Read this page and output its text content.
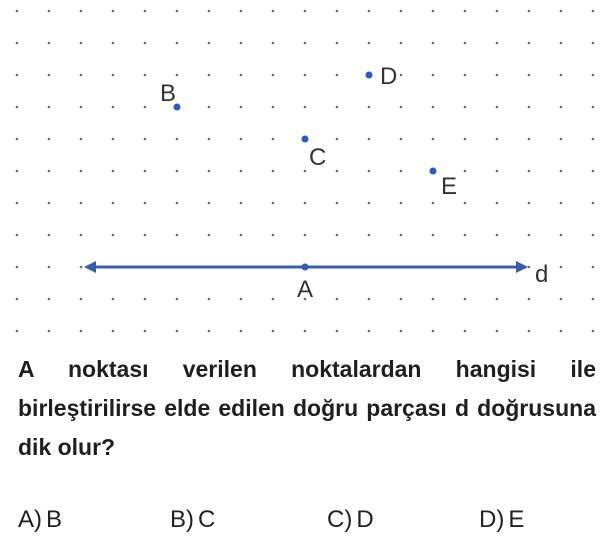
B
D
C
E
A
d

A noktası verilen noktalardan hangisi ile birleştirilirse elde edilen doğru parçası d doğrusuna dik olur?

A) B	B) C	C) D	D) E
